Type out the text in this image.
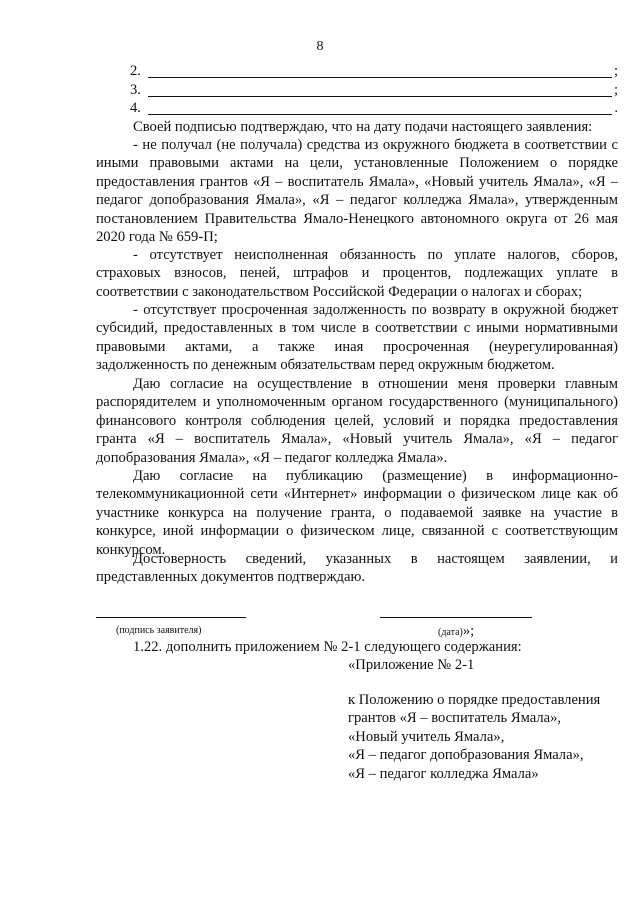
8
2.	;
3.	;
4.	.

Своей подписью подтверждаю, что на дату подачи настоящего заявления:

- не получал (не получала) средства из окружного бюджета в соответствии с иными правовыми актами на цели, установленные Положением о порядке предоставления грантов «Я – воспитатель Ямала», «Новый учитель Ямала», «Я – педагог допобразования Ямала», «Я – педагог колледжа Ямала», утвержденным постановлением Правительства Ямало-Ненецкого автономного округа от 26 мая 2020 года № 659-П;

- отсутствует неисполненная обязанность по уплате налогов, сборов, страховых взносов, пеней, штрафов и процентов, подлежащих уплате в соответствии с законодательством Российской Федерации о налогах и сборах;

- отсутствует просроченная задолженность по возврату в окружной бюджет субсидий, предоставленных в том числе в соответствии с иными нормативными правовыми актами, а также иная просроченная (неурегулированная) задолженность по денежным обязательствам перед окружным бюджетом.

Даю согласие на осуществление в отношении меня проверки главным распорядителем и уполномоченным органом государственного (муниципального) финансового контроля соблюдения целей, условий и порядка предоставления гранта «Я – воспитатель Ямала», «Новый учитель Ямала», «Я – педагог допобразования Ямала», «Я – педагог колледжа Ямала».

Даю согласие на публикацию (размещение) в информационно-телекоммуникационной сети «Интернет» информации о физическом лице как об участнике конкурса на получение гранта, о подаваемой заявке на участие в конкурсе, иной информации о физическом лице, связанной с соответствующим конкурсом.

Достоверность сведений, указанных в настоящем заявлении, и представленных документов подтверждаю.

(подпись заявителя)	(дата)»;

1.22. дополнить приложением № 2-1 следующего содержания:

«Приложение № 2-1
к Положению о порядке предоставления
грантов «Я – воспитатель Ямала»,
«Новый учитель Ямала»,
«Я – педагог допобразования Ямала»,
«Я – педагог колледжа Ямала»
